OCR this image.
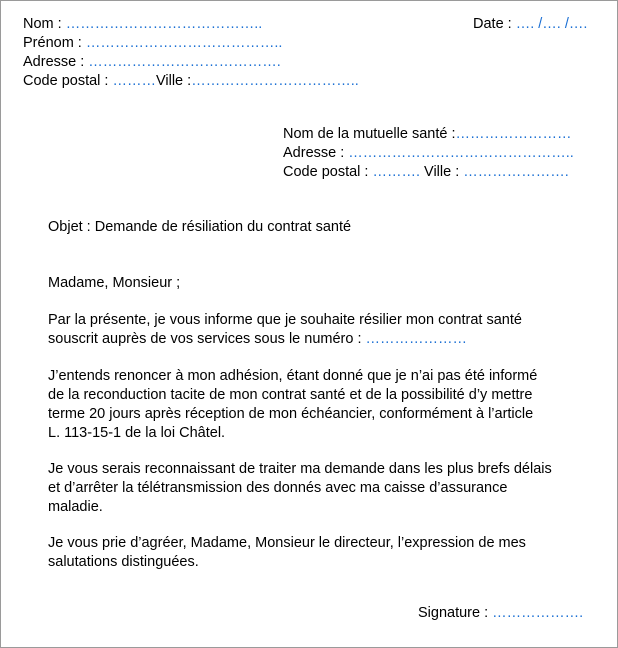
Nom : …………………………………..
Prénom : …………………………………..
Adresse : ………………………………….
Code postal : ………Ville :……………………………..
Date : …. /…. /….
Nom de la mutuelle santé :……………………
Adresse : ………………………………………..
Code postal : ………. Ville : ………………….
Objet : Demande de résiliation du contrat santé
Madame, Monsieur ;
Par la présente, je vous informe que je souhaite résilier mon contrat santé
souscrit auprès de vos services sous le numéro : …………………
J’entends renoncer à mon adhésion, étant donné que je n’ai pas été informé
de la reconduction tacite de mon contrat santé et de la possibilité d’y mettre
terme 20 jours après réception de mon échéancier, conformément à l’article
L. 113-15-1 de la loi Châtel.
Je vous serais reconnaissant de traiter ma demande dans les plus brefs délais
et d’arrêter la télétransmission des donnés avec ma caisse d’assurance
maladie.
Je vous prie d’agréer, Madame, Monsieur le directeur, l’expression de mes
salutations distinguées.
Signature : ……………….
